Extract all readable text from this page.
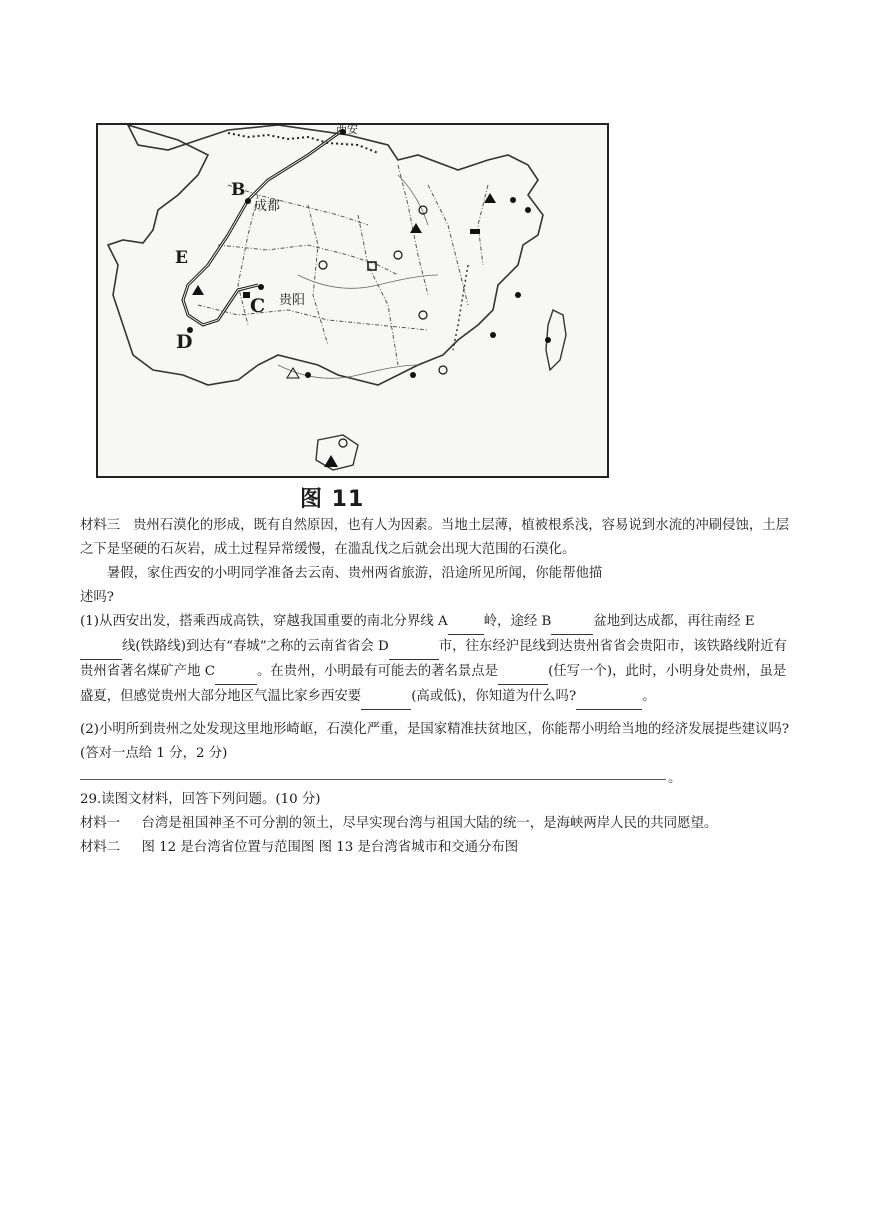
西安
成都
贵阳
B
C
D
E
图 11

材料三 贵州石漠化的形成，既有自然原因，也有人为因素。当地土层薄，植被根系浅，容易说到水流的冲刷侵蚀，土层之下是坚硬的石灰岩，成土过程异常缓慢，在滥乱伐之后就会出现大范围的石漠化。

暑假，家住西安的小明同学准备去云南、贵州两省旅游，沿途所见所闻，你能帮他描

述吗?

(1)从西安出发，搭乘西成高铁，穿越我国重要的南北分界线 A	岭，途经 B	盆地到达成都，再往南经 E 线(铁路线)到达有“春城”之称的云南省省会 D	市，往东经沪昆线到达贵州省省会贵阳市，该铁路线附近有贵州省著名煤矿产地 C	。在贵州，小明最有可能去的著名景点是	(任写一个)，此时，小明身处贵州，虽是盛夏，但感觉贵州大部分地区气温比家乡西安要	(高或低)，你知道为什么吗?	。

(2)小明所到贵州之处发现这里地形崎岖，石漠化严重，是国家精准扶贫地区，你能帮小明给当地的经济发展提些建议吗?(答对一点给 1 分，2 分)

。

29.读图文材料，回答下列问题。(10 分)

材料一 台湾是祖国神圣不可分割的领土，尽早实现台湾与祖国大陆的统一，是海峡两岸人民的共同愿望。

材料二 图 12 是台湾省位置与范围图 图 13 是台湾省城市和交通分布图
